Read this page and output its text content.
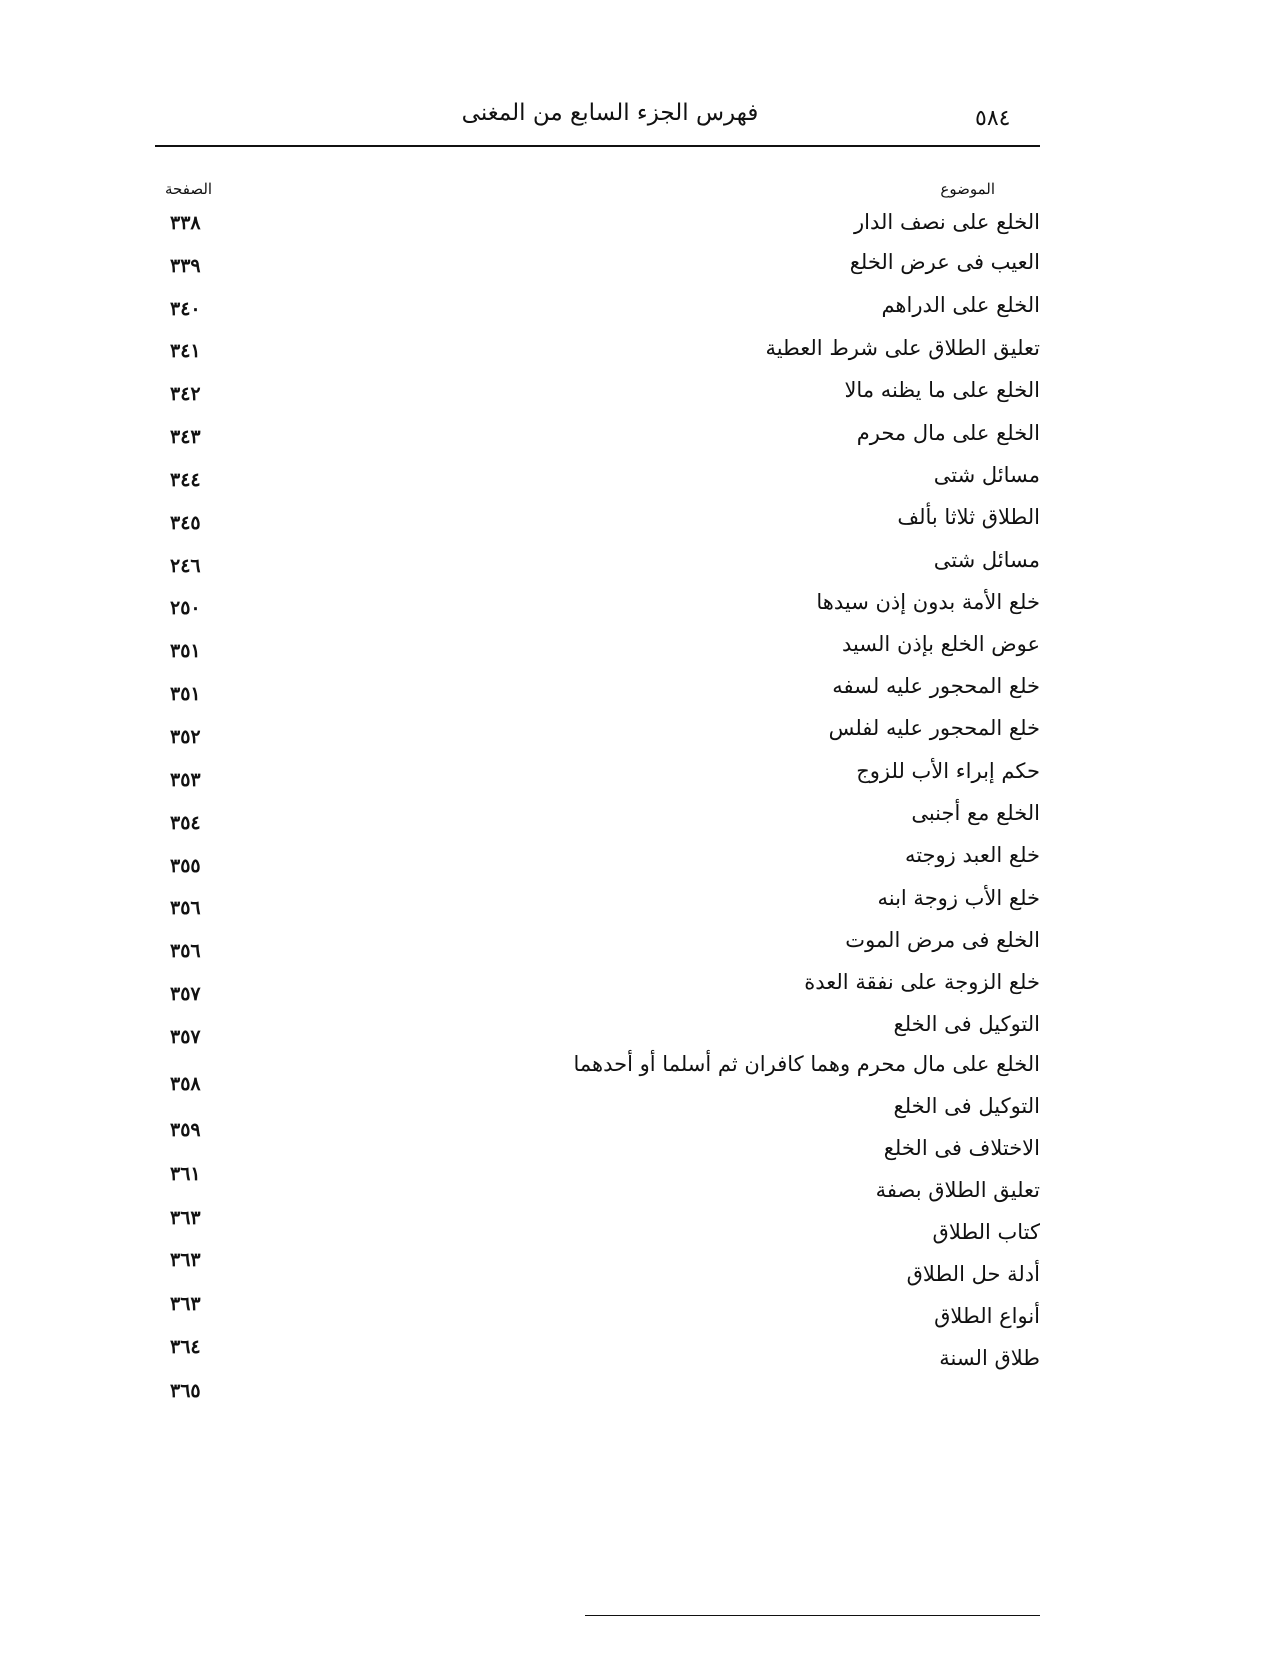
فهرس الجزء السابع من المغنى	٥٨٤
الموضوع
الصفحة
الخلع على نصف الدار
العيب فى عرض الخلع
الخلع على الدراهم
تعليق الطلاق على شرط العطية
الخلع على ما يظنه مالا
الخلع على مال محرم
مسائل شتى
الطلاق ثلاثا بألف
مسائل شتى
خلع الأمة بدون إذن سيدها
عوض الخلع بإذن السيد
خلع المحجور عليه لسفه
خلع المحجور عليه لفلس
حكم إبراء الأب للزوج
الخلع مع أجنبى
خلع العبد زوجته
خلع الأب زوجة ابنه
الخلع فى مرض الموت
خلع الزوجة على نفقة العدة
التوكيل فى الخلع
الخلع على مال محرم وهما كافران ثم أسلما أو أحدهما
التوكيل فى الخلع
الاختلاف فى الخلع
تعليق الطلاق بصفة
كتاب الطلاق
أدلة حل الطلاق
أنواع الطلاق
طلاق السنة
٣٣٨
٣٣٩
٣٤٠
٣٤١
٣٤٢
٣٤٣
٣٤٤
٣٤٥
٢٤٦
٢٥٠
٣٥١
٣٥١
٣٥٢
٣٥٣
٣٥٤
٣٥٥
٣٥٦
٣٥٦
٣٥٧
٣٥٧
٣٥٨
٣٥٩
٣٦١
٣٦٣
٣٦٣
٣٦٣
٣٦٤
٣٦٥
